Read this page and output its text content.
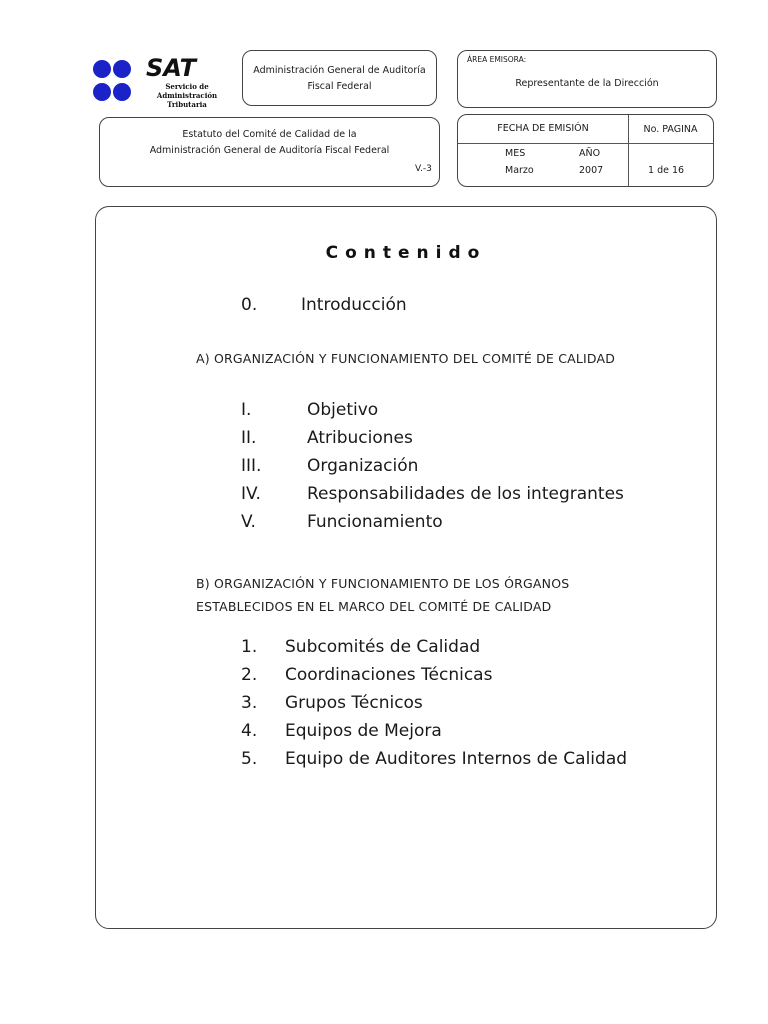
SAT
Servicio de
Administración Tributaria
Administración General de Auditoría
Fiscal Federal
ÁREA EMISORA:
Representante de la Dirección
Estatuto del Comité de Calidad de la
Administración General de Auditoría Fiscal Federal
V.-3
FECHA DE EMISIÓN	No. PAGINA
MES	AÑO
Marzo	2007	1 de 16
Contenido
0.	Introducción
A) ORGANIZACIÓN Y FUNCIONAMIENTO DEL COMITÉ DE CALIDAD
I.	Objetivo
II.	Atribuciones
III.	Organización
IV.	Responsabilidades de los integrantes
V.	Funcionamiento
B) ORGANIZACIÓN Y FUNCIONAMIENTO DE LOS ÓRGANOS
ESTABLECIDOS EN EL MARCO DEL COMITÉ DE CALIDAD
1. Subcomités de Calidad
2. Coordinaciones Técnicas
3. Grupos Técnicos
4. Equipos de Mejora
5. Equipo de Auditores Internos de Calidad
